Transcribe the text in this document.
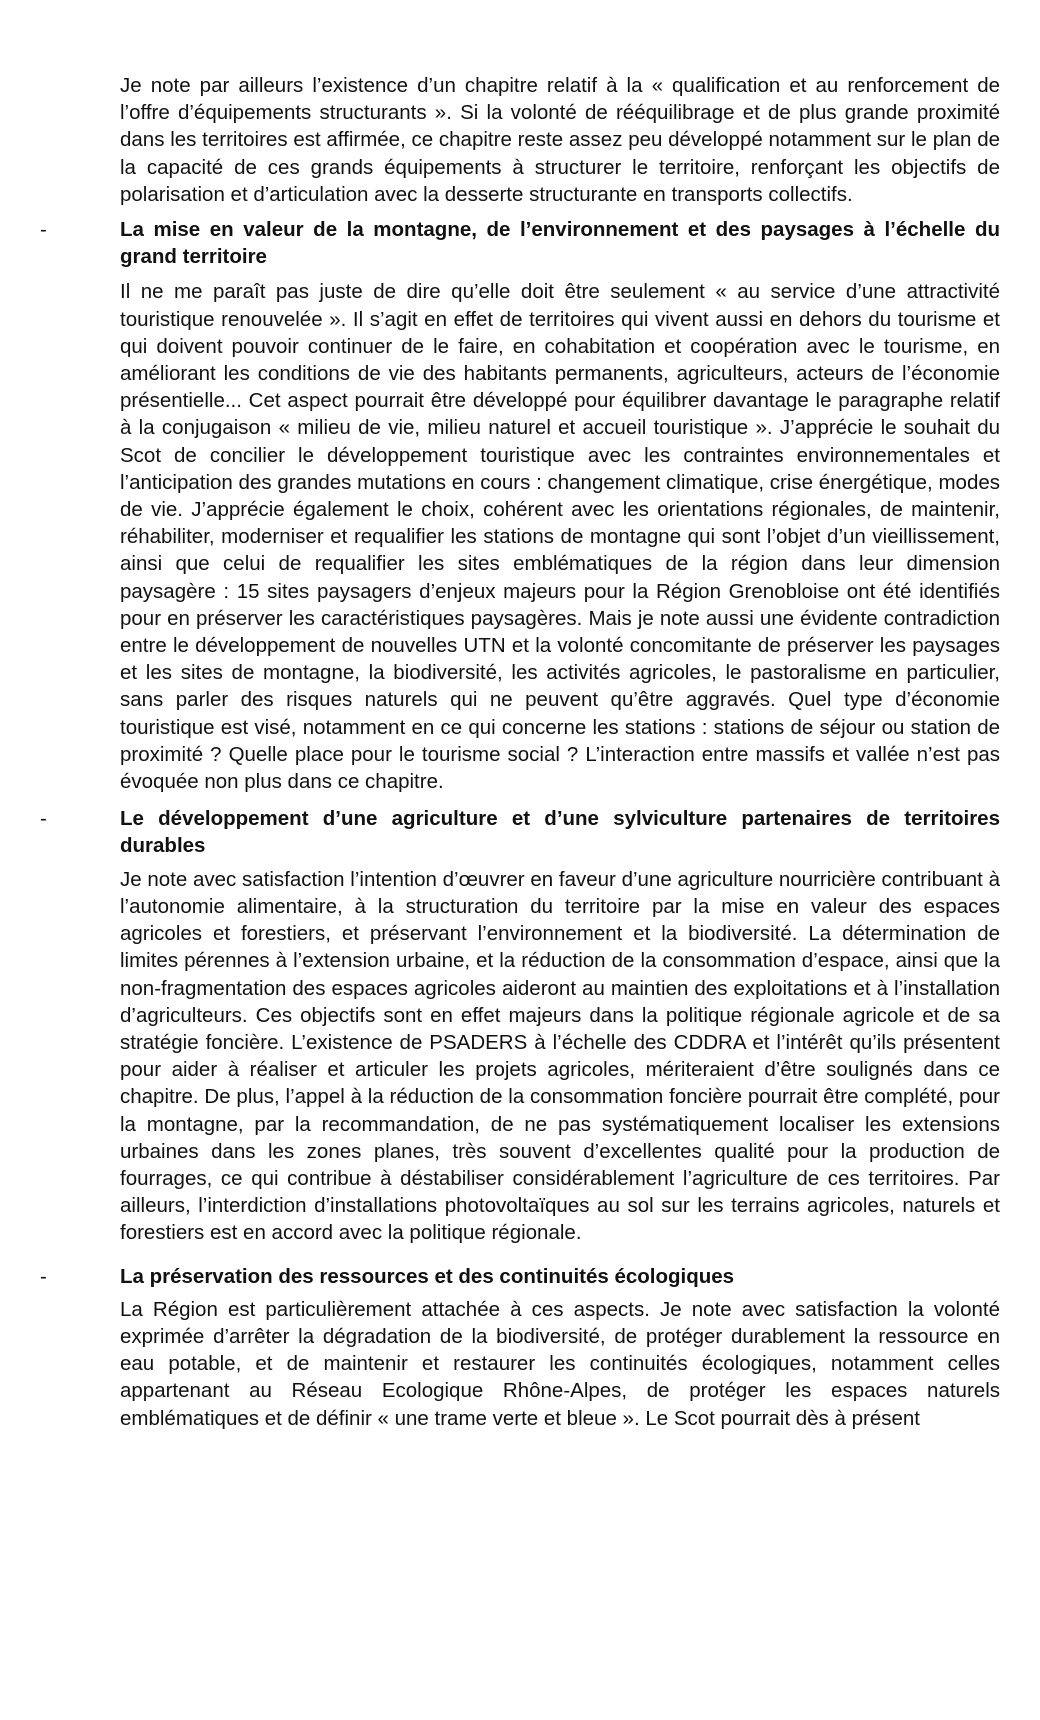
Je note par ailleurs l’existence d’un chapitre relatif à la « qualification et au renforcement de l’offre d’équipements structurants ». Si la volonté de rééquilibrage et de plus grande proximité dans les territoires est affirmée, ce chapitre reste assez peu développé notamment sur le plan de la capacité de ces grands équipements à structurer le territoire, renforçant les objectifs de polarisation et d’articulation avec la desserte structurante en transports collectifs.

-	La mise en valeur de la montagne, de l’environnement et des paysages à l’échelle du grand territoire

Il ne me paraît pas juste de dire qu’elle doit être seulement « au service d’une attractivité touristique renouvelée ». Il s’agit en effet de territoires qui vivent aussi en dehors du tourisme et qui doivent pouvoir continuer de le faire, en cohabitation et coopération avec le tourisme, en améliorant les conditions de vie des habitants permanents, agriculteurs, acteurs de l’économie présentielle... Cet aspect pourrait être développé pour équilibrer davantage le paragraphe relatif à la conjugaison « milieu de vie, milieu naturel et accueil touristique ». J’apprécie le souhait du Scot de concilier le développement touristique avec les contraintes environnementales et l’anticipation des grandes mutations en cours : changement climatique, crise énergétique, modes de vie. J’apprécie également le choix, cohérent avec les orientations régionales, de maintenir, réhabiliter, moderniser et requalifier les stations de montagne qui sont l’objet d’un vieillissement, ainsi que celui de requalifier les sites emblématiques de la région dans leur dimension paysagère : 15 sites paysagers d’enjeux majeurs pour la Région Grenobloise ont été identifiés pour en préserver les caractéristiques paysagères. Mais je note aussi une évidente contradiction entre le développement de nouvelles UTN et la volonté concomitante de préserver les paysages et les sites de montagne, la biodiversité, les activités agricoles, le pastoralisme en particulier, sans parler des risques naturels qui ne peuvent qu’être aggravés. Quel type d’économie touristique est visé, notamment en ce qui concerne les stations : stations de séjour ou station de proximité ? Quelle place pour le tourisme social ? L’interaction entre massifs et vallée n’est pas évoquée non plus dans ce chapitre.

-	Le développement d’une agriculture et d’une sylviculture partenaires de territoires durables

Je note avec satisfaction l’intention d’œuvrer en faveur d’une agriculture nourricière contribuant à l’autonomie alimentaire, à la structuration du territoire par la mise en valeur des espaces agricoles et forestiers, et préservant l’environnement et la biodiversité. La détermination de limites pérennes à l’extension urbaine, et la réduction de la consommation d’espace, ainsi que la non-fragmentation des espaces agricoles aideront au maintien des exploitations et à l’installation d’agriculteurs. Ces objectifs sont en effet majeurs dans la politique régionale agricole et de sa stratégie foncière. L’existence de PSADERS à l’échelle des CDDRA et l’intérêt qu’ils présentent pour aider à réaliser et articuler les projets agricoles, mériteraient d’être soulignés dans ce chapitre. De plus, l’appel à la réduction de la consommation foncière pourrait être complété, pour la montagne, par la recommandation, de ne pas systématiquement localiser les extensions urbaines dans les zones planes, très souvent d’excellentes qualité pour la production de fourrages, ce qui contribue à déstabiliser considérablement l’agriculture de ces territoires. Par ailleurs, l’interdiction d’installations photovoltaïques au sol sur les terrains agricoles, naturels et forestiers est en accord avec la politique régionale.

-	La préservation des ressources et des continuités écologiques

La Région est particulièrement attachée à ces aspects. Je note avec satisfaction la volonté exprimée d’arrêter la dégradation de la biodiversité, de protéger durablement la ressource en eau potable, et de maintenir et restaurer les continuités écologiques, notamment celles appartenant au Réseau Ecologique Rhône-Alpes, de protéger les espaces naturels emblématiques et de définir « une trame verte et bleue ». Le Scot pourrait dès à présent
